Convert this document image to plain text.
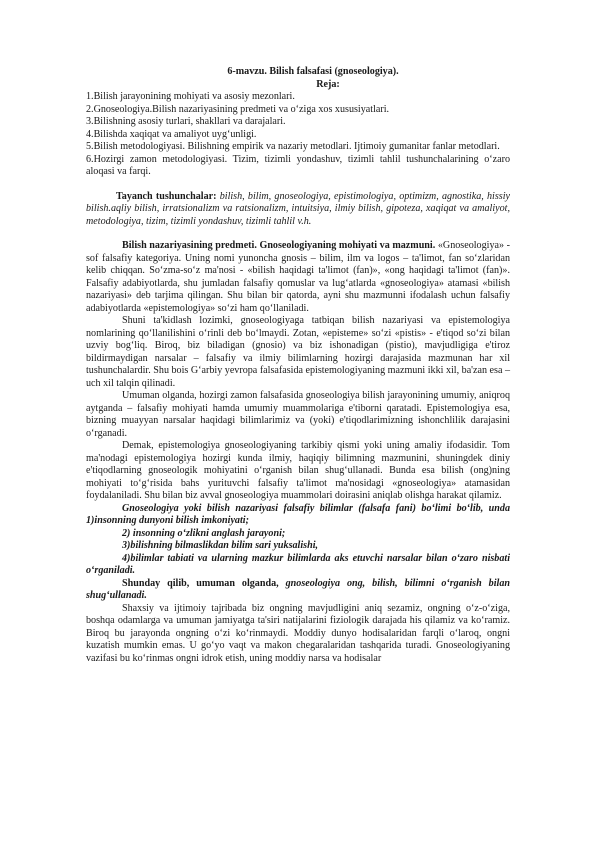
6-mavzu. Bilish falsafasi (gnoseologiya).

Reja:

1.Bilish jarayonining mohiyati va asosiy mezonlari.

2.Gnoseologiya.Bilish nazariyasining predmeti va o‘ziga xos xususiyatlari.

3.Bilishning asosiy turlari, shakllari va darajalari.

4.Bilishda xaqiqat va amaliyot uyg‘unligi.

5.Bilish metodologiyasi. Bilishning empirik va nazariy metodlari. Ijtimoiy gumanitar fanlar metodlari.

6.Hozirgi zamon metodologiyasi. Tizim, tizimli yondashuv, tizimli tahlil tushunchalarining o‘zaro aloqasi va farqi.

Tayanch tushunchalar: bilish, bilim, gnoseologiya, epistimologiya, optimizm, agnostika, hissiy bilish.aqliy bilish, irratsionalizm va ratsionalizm, intuitsiya, ilmiy bilish, gipoteza, xaqiqat va amaliyot, metodologiya, tizim, tizimli yondashuv, tizimli tahlil v.h.

Bilish nazariyasining predmeti. Gnoseologiyaning mohiyati va mazmuni. «Gnoseologiya» - sof falsafiy kategoriya. Uning nomi yunoncha gnosis – bilim, ilm va logos – ta'limot, fan so‘zlaridan kelib chiqqan. So‘zma-so‘z ma'nosi - «bilish haqidagi ta'limot (fan)», «ong haqidagi ta'limot (fan)». Falsafiy adabiyotlarda, shu jumladan falsafiy qomuslar va lug‘atlarda «gnoseologiya» atamasi «bilish nazariyasi» deb tarjima qilingan. Shu bilan bir qatorda, ayni shu mazmunni ifodalash uchun falsafiy adabiyotlarda «epistemologiya» so‘zi ham qo‘llaniladi.

Shuni ta'kidlash lozimki, gnoseologiyaga tatbiqan bilish nazariyasi va epistemologiya nomlarining qo‘llanilishini o‘rinli deb bo‘lmaydi. Zotan, «episteme» so‘zi «pistis» - e'tiqod so‘zi bilan uzviy bog‘liq. Biroq, biz biladigan (gnosio) va biz ishonadigan (pistio), mavjudligiga e'tiroz bildirmaydigan narsalar – falsafiy va ilmiy bilimlarning hozirgi darajasida mazmunan har xil tushunchalardir. Shu bois G‘arbiy yevropa falsafasida epistemologiyaning mazmuni ikki xil, ba'zan esa – uch xil talqin qilinadi.

Umuman olganda, hozirgi zamon falsafasida gnoseologiya bilish jarayonining umumiy, aniqroq aytganda – falsafiy mohiyati hamda umumiy muammolariga e'tiborni qaratadi. Epistemologiya esa, bizning muayyan narsalar haqidagi bilimlarimiz va (yoki) e'tiqodlarimizning ishonchlilik darajasini o‘rganadi.

Demak, epistemologiya gnoseologiyaning tarkibiy qismi yoki uning amaliy ifodasidir. Tom ma'nodagi epistemologiya hozirgi kunda ilmiy, haqiqiy bilimning mazmunini, shuningdek diniy e'tiqodlarning gnoseologik mohiyatini o‘rganish bilan shug‘ullanadi. Bunda esa bilish (ong)ning mohiyati to‘g‘risida bahs yurituvchi falsafiy ta'limot ma'nosidagi «gnoseologiya» atamasidan foydalaniladi. Shu bilan biz avval gnoseologiya muammolari doirasini aniqlab olishga harakat qilamiz.

Gnoseologiya yoki bilish nazariyasi falsafiy bilimlar (falsafa fani) bo‘limi bo‘lib, unda 1)insonning dunyoni bilish imkoniyati;

2) insonning o‘zlikni anglash jarayoni;

3)bilishning bilmaslikdan bilim sari yuksalishi,

4)bilimlar tabiati va ularning mazkur bilimlarda aks etuvchi narsalar bilan o‘zaro nisbati o‘rganiladi.

Shunday qilib, umuman olganda, gnoseologiya ong, bilish, bilimni o‘rganish bilan shug‘ullanadi.

Shaxsiy va ijtimoiy tajribada biz ongning mavjudligini aniq sezamiz, ongning o‘z-o‘ziga, boshqa odamlarga va umuman jamiyatga ta'siri natijalarini fiziologik darajada his qilamiz va ko‘ramiz. Biroq bu jarayonda ongning o‘zi ko‘rinmaydi. Moddiy dunyo hodisalaridan farqli o‘laroq, ongni kuzatish mumkin emas. U go‘yo vaqt va makon chegaralaridan tashqarida turadi. Gnoseologiyaning vazifasi bu ko‘rinmas ongni idrok etish, uning moddiy narsa va hodisalar
